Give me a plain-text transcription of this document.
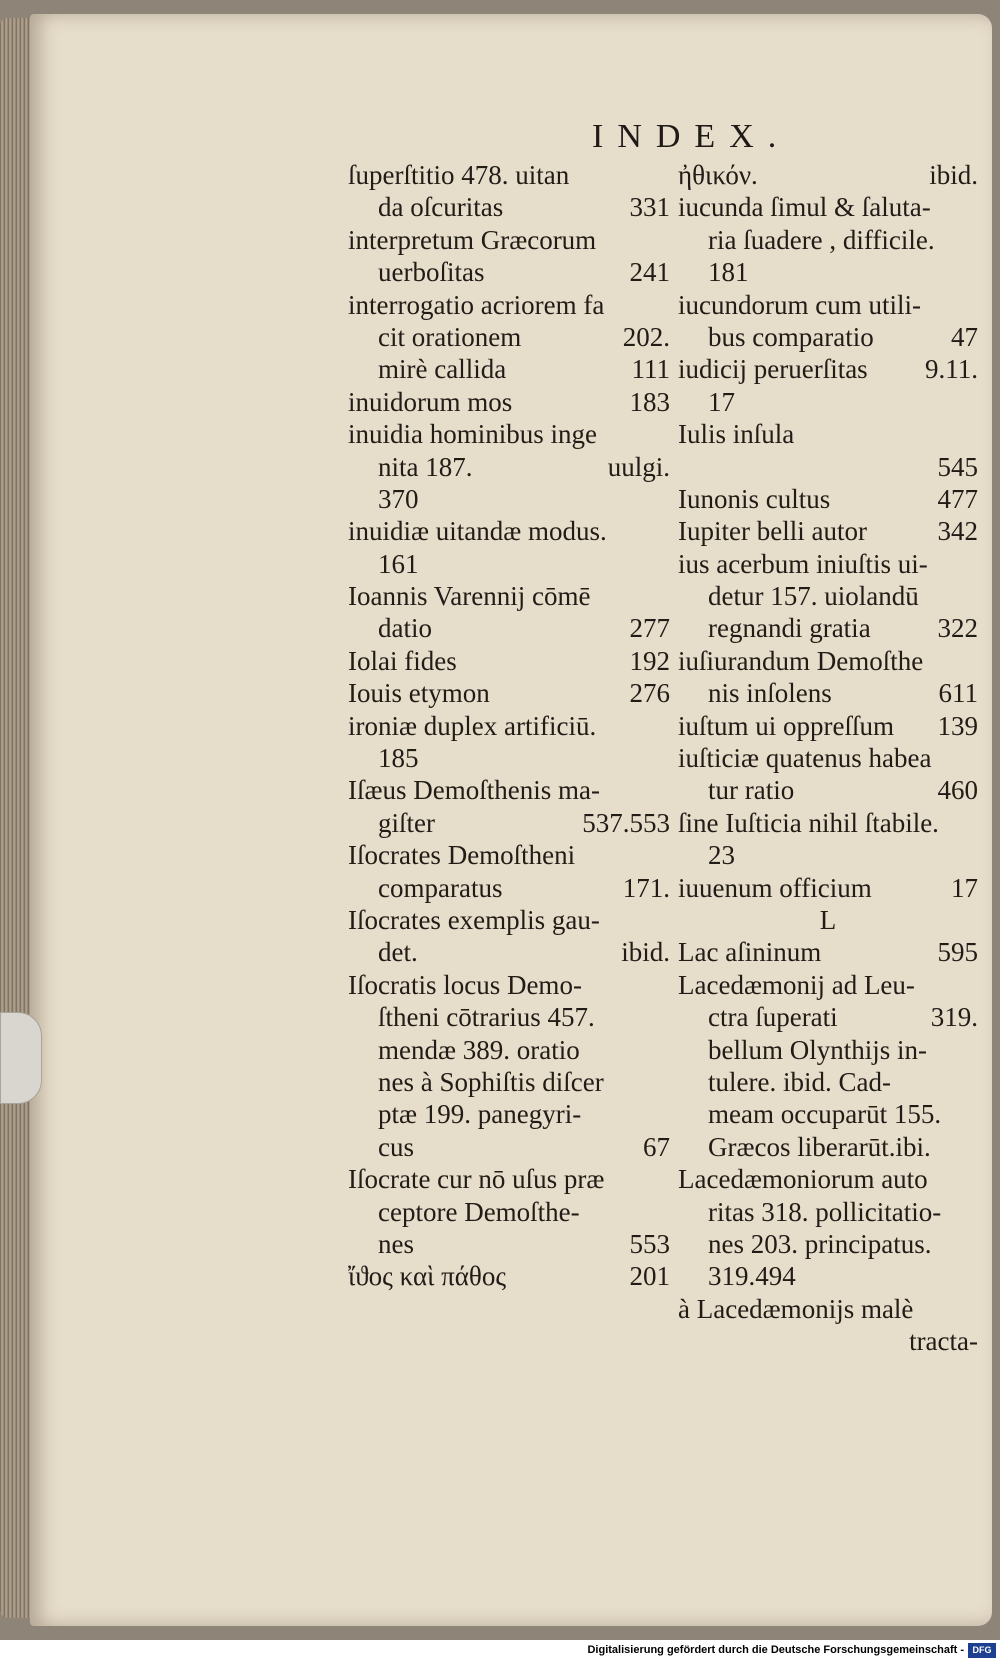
INDEX.
ſuperſtitio 478. uitan
da oſcuritas	331
interpretum Græcorum
uerboſitas	241
interrogatio acriorem fa
cit orationem	202.
mirè callida	111
inuidorum mos	183
inuidia hominibus inge
nita 187.	uulgi.
370
inuidiæ uitandæ modus.
161
Ioannis Varennij cōmē
datio	277
Iolai fides	192
Iouis etymon	276
ironiæ duplex artificiū.
185
Iſæus Demoſthenis ma-
giſter	537.553
Iſocrates Demoſtheni
comparatus	171.
Iſocrates exemplis gau-
det.	ibid.
Iſocratis locus Demo-
ſtheni cōtrarius 457.
mendæ 389. oratio
nes à Sophiſtis diſcer
ptæ 199. panegyri-
cus	67
Iſocrate cur nō uſus præ
ceptore Demoſthe-
nes	553
ἴϑος καὶ πάθος	201
ἠθικόν.	ibid.
iucunda ſimul & ſaluta-
ria ſuadere , difficile.
181
iucundorum cum utili-
bus comparatio	47
iudicij peruerſitas 9.11.
17
Iulis inſula
545
Iunonis cultus	477
Iupiter belli autor	342
ius acerbum iniuſtis ui-
detur 157. uiolandū
regnandi gratia 322
iuſiurandum Demoſthe
nis inſolens	611
iuſtum ui oppreſſum 139
iuſticiæ quatenus habea
tur ratio	460
ſine Iuſticia nihil ſtabile.
23
iuuenum officium	17
L
Lac aſininum	595
Lacedæmonij ad Leu-
ctra ſuperati	319.
bellum Olynthijs in-
tulere. ibid. Cad-
meam occuparūt 155.
Græcos liberarūt.ibi.
Lacedæmoniorum auto
ritas 318. pollicitatio-
nes 203. principatus.
319.494
à Lacedæmonijs malè
tracta-
Digitalisierung gefördert durch die Deutsche Forschungsgemeinschaft - DFG
